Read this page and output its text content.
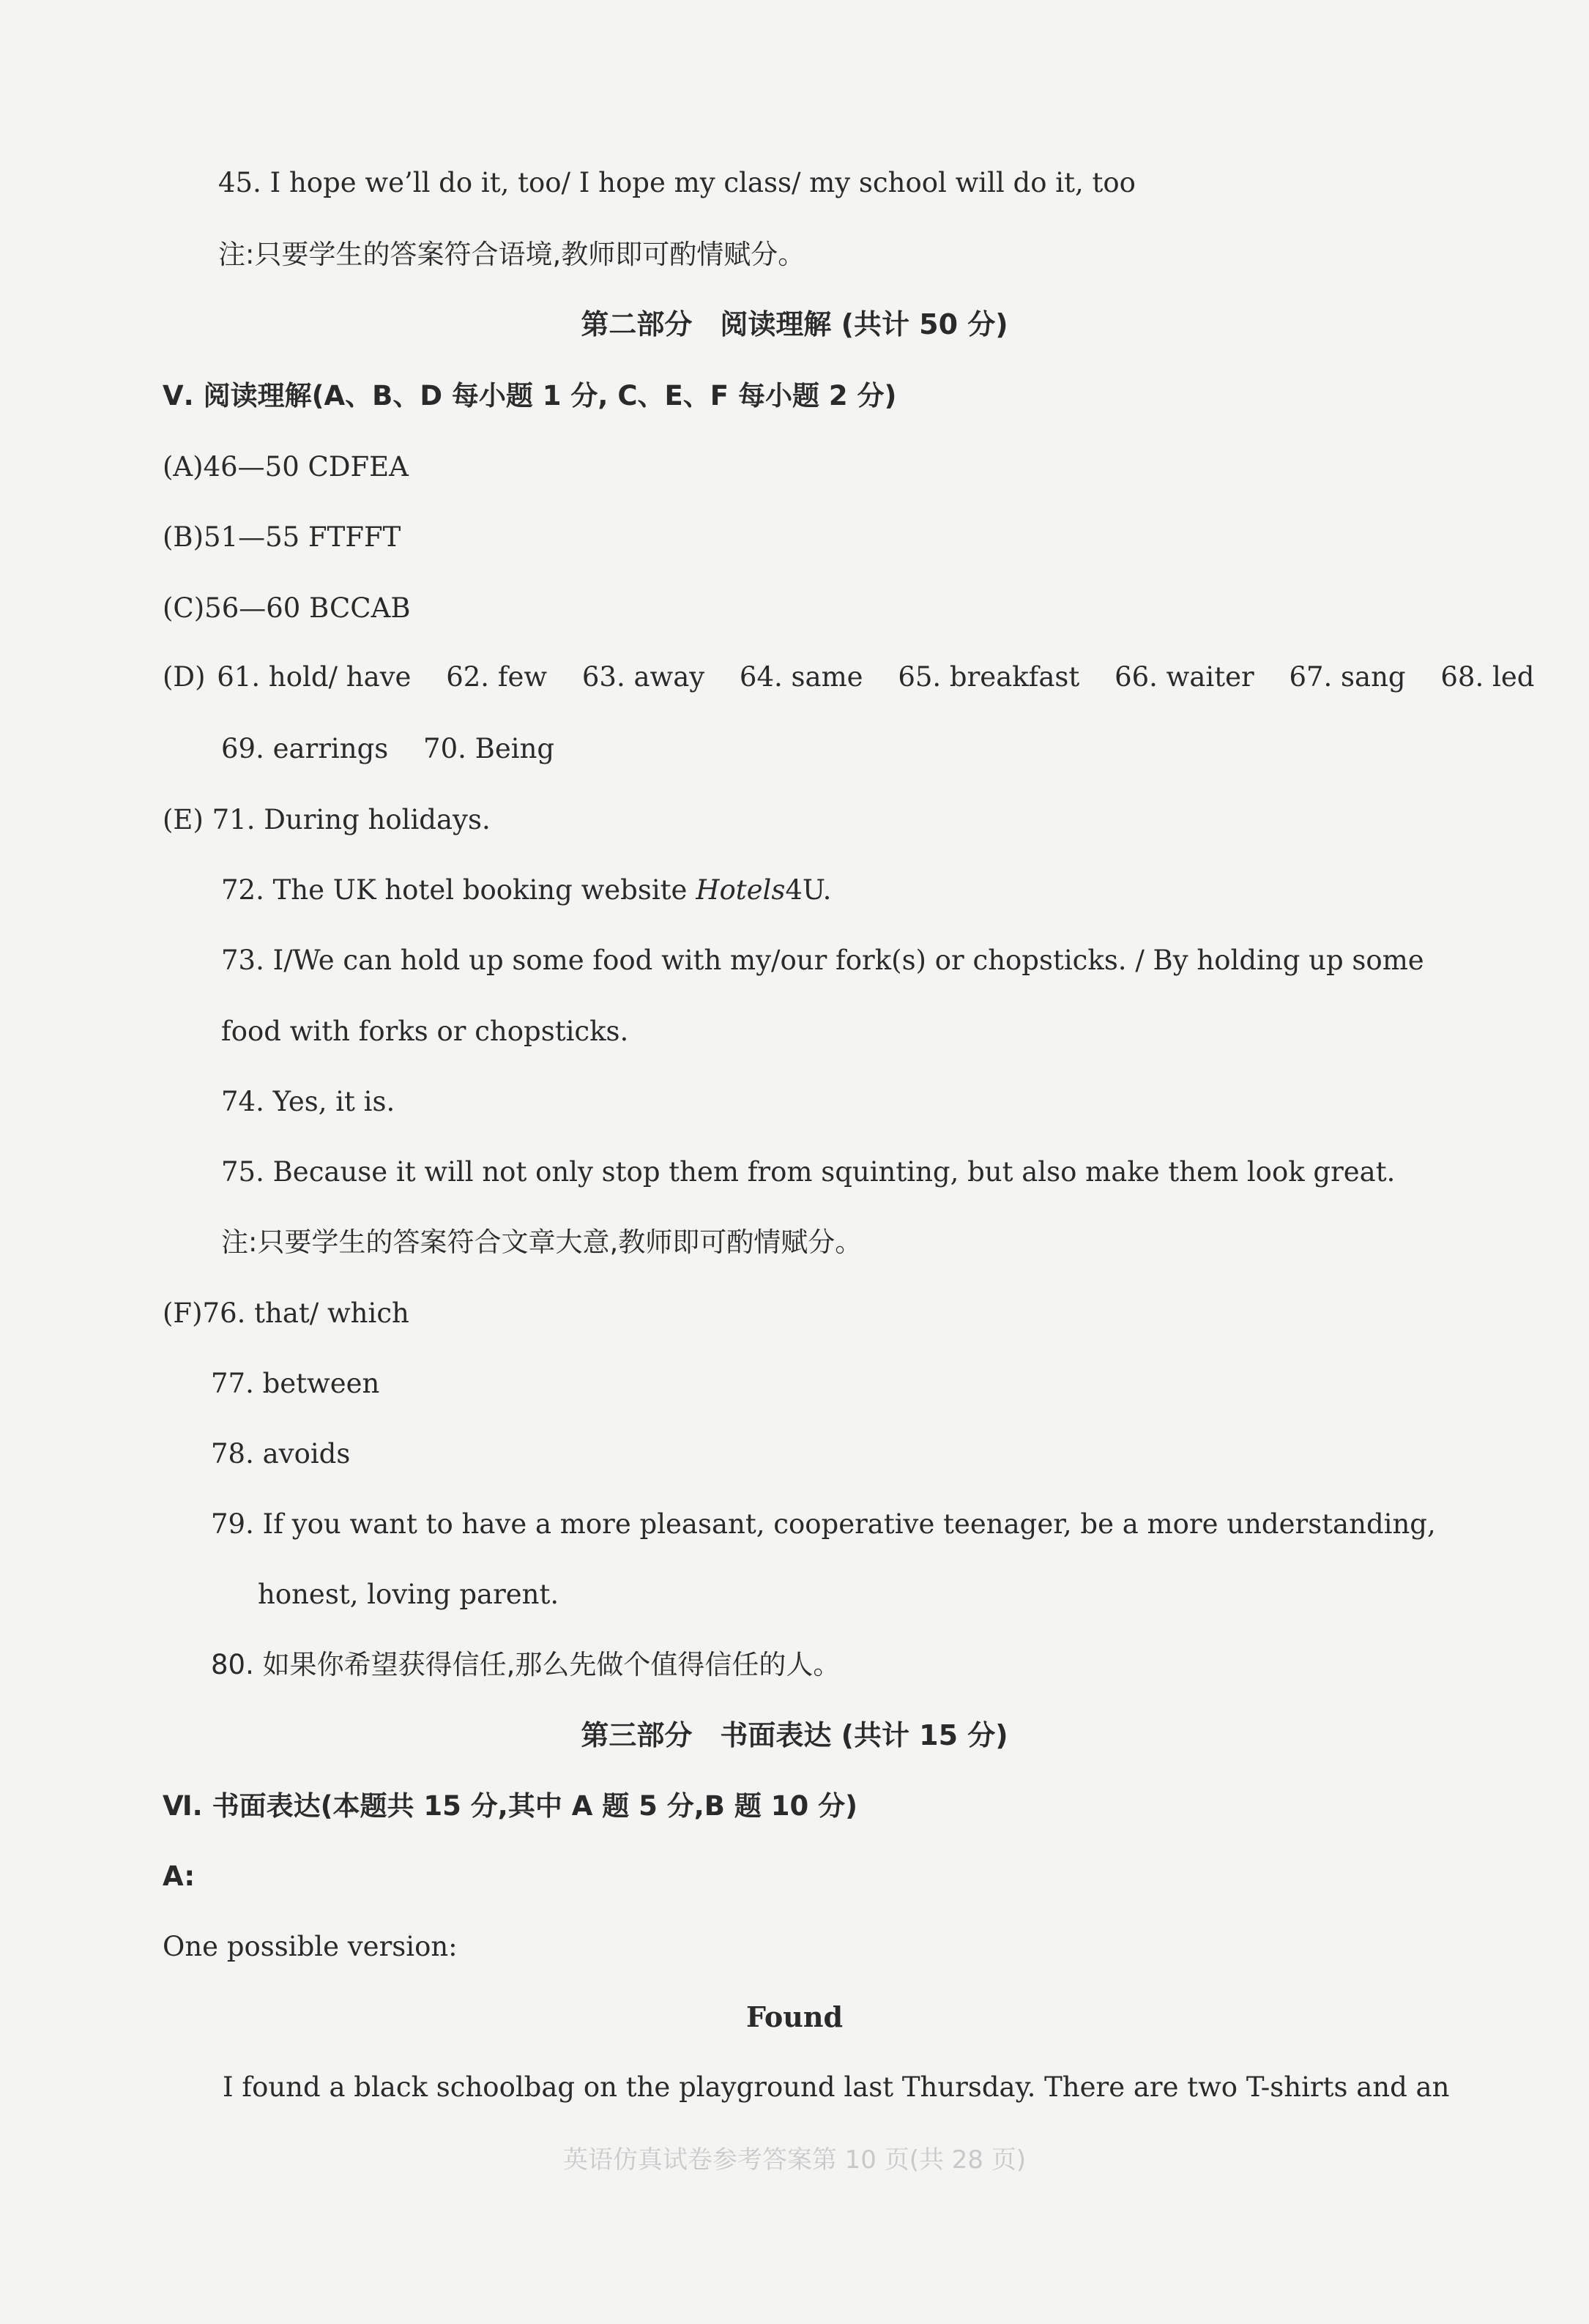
45. I hope we’ll do it, too/ I hope my class/ my school will do it, too
注:只要学生的答案符合语境,教师即可酌情赋分。
第二部分　阅读理解 (共计 50 分)
Ⅴ. 阅读理解(A、B、D 每小题 1 分, C、E、F 每小题 2 分)
(A)46—50 CDFEA
(B)51—55 FTFFT
(C)56—60 BCCAB
(D) 61. hold/ have 62. few 63. away 64. same 65. breakfast 66. waiter 67. sang 68. led
69. earrings 70. Being
(E) 71. During holidays.
72. The UK hotel booking website Hotels4U.
73. I/We can hold up some food with my/our fork(s) or chopsticks. / By holding up some
food with forks or chopsticks.
74. Yes, it is.
75. Because it will not only stop them from squinting, but also make them look great.
注:只要学生的答案符合文章大意,教师即可酌情赋分。
(F)76. that/ which
77. between
78. avoids
79. If you want to have a more pleasant, cooperative teenager, be a more understanding,
honest, loving parent.
80. 如果你希望获得信任,那么先做个值得信任的人。
第三部分　书面表达 (共计 15 分)
Ⅵ. 书面表达(本题共 15 分,其中 A 题 5 分,B 题 10 分)
A:
One possible version:
Found
I found a black schoolbag on the playground last Thursday. There are two T-shirts and an
英语仿真试卷参考答案第 10 页(共 28 页)
